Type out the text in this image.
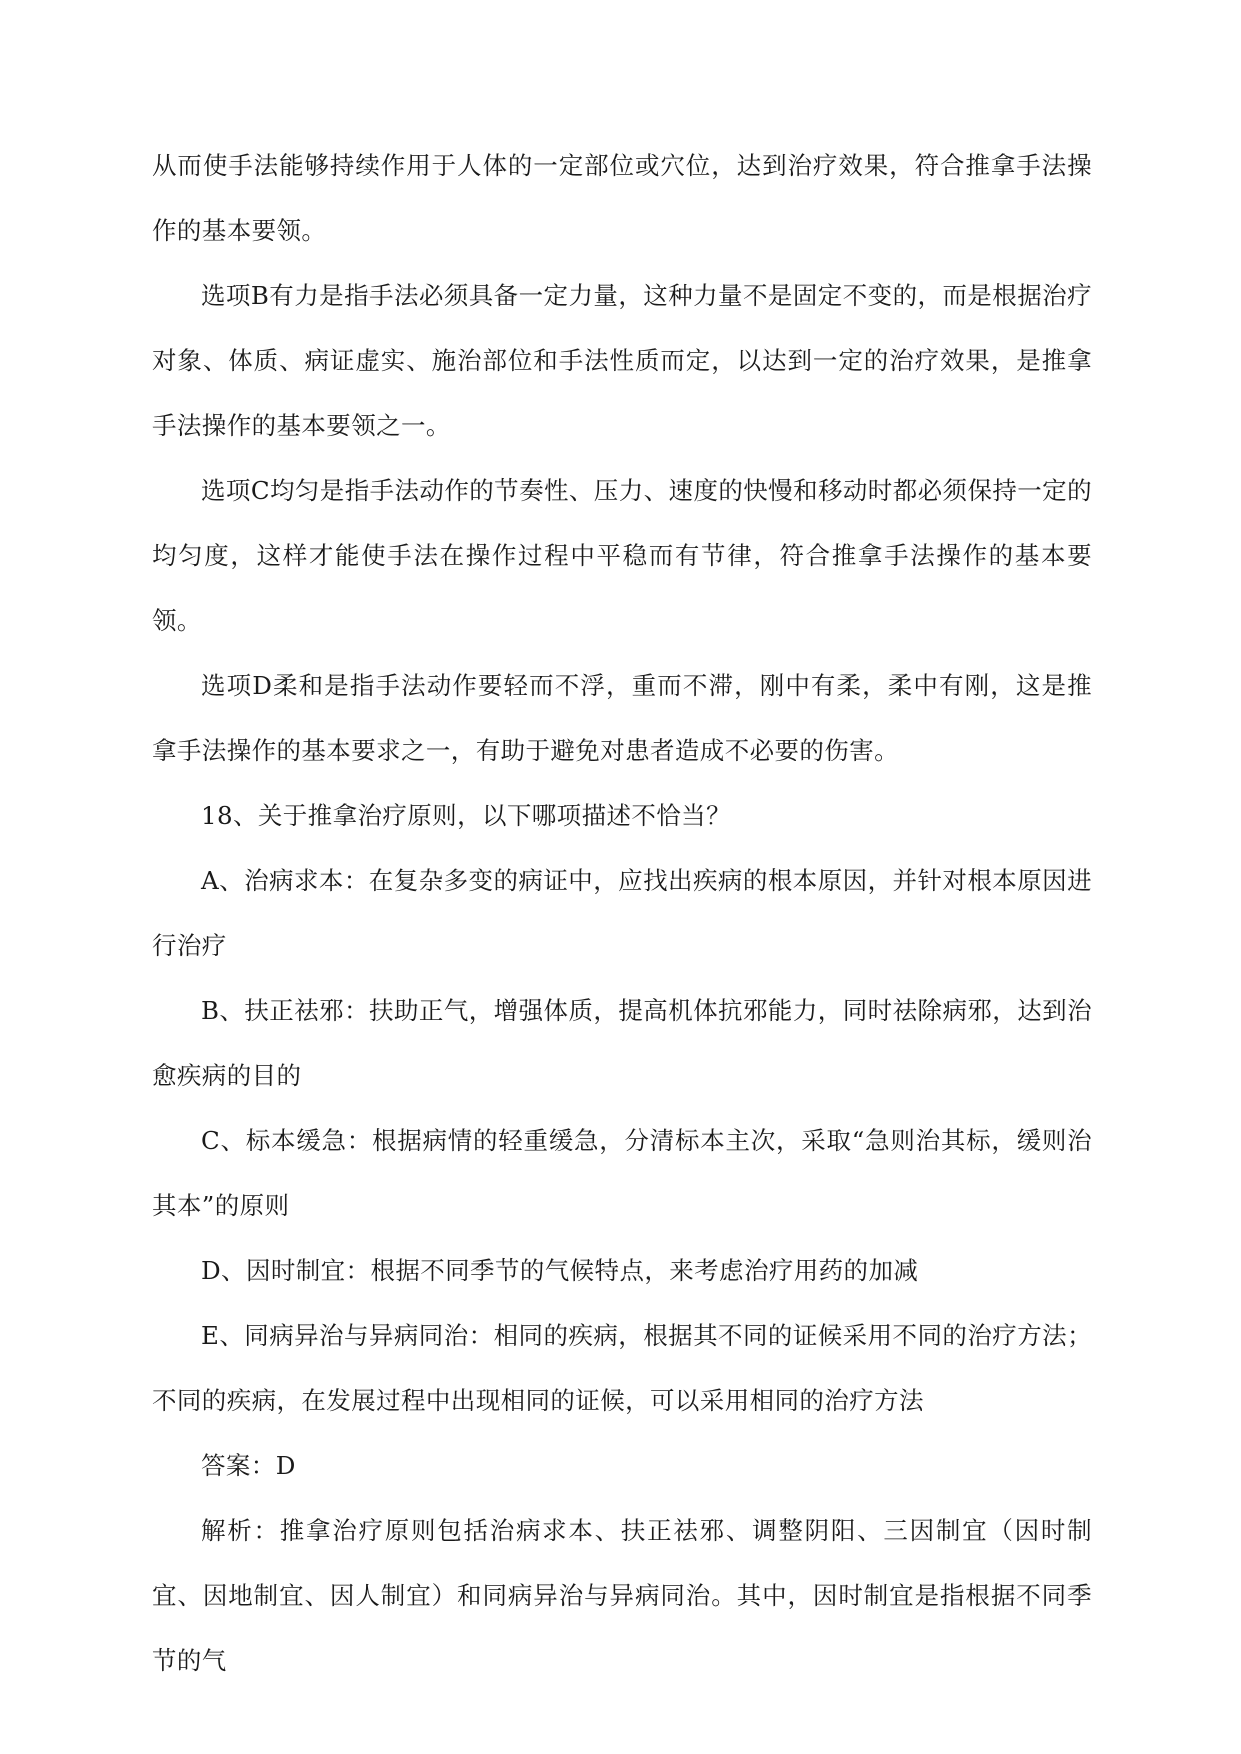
从而使手法能够持续作用于人体的一定部位或穴位，达到治疗效果，符合推拿手法操作的基本要领。

选项B有力是指手法必须具备一定力量，这种力量不是固定不变的，而是根据治疗对象、体质、病证虚实、施治部位和手法性质而定，以达到一定的治疗效果，是推拿手法操作的基本要领之一。

选项C均匀是指手法动作的节奏性、压力、速度的快慢和移动时都必须保持一定的均匀度，这样才能使手法在操作过程中平稳而有节律，符合推拿手法操作的基本要领。

选项D柔和是指手法动作要轻而不浮，重而不滞，刚中有柔，柔中有刚，这是推拿手法操作的基本要求之一，有助于避免对患者造成不必要的伤害。

18、关于推拿治疗原则，以下哪项描述不恰当？

A、治病求本：在复杂多变的病证中，应找出疾病的根本原因，并针对根本原因进行治疗

B、扶正祛邪：扶助正气，增强体质，提高机体抗邪能力，同时祛除病邪，达到治愈疾病的目的

C、标本缓急：根据病情的轻重缓急，分清标本主次，采取“急则治其标，缓则治其本”的原则

D、因时制宜：根据不同季节的气候特点，来考虑治疗用药的加减

E、同病异治与异病同治：相同的疾病，根据其不同的证候采用不同的治疗方法；不同的疾病，在发展过程中出现相同的证候，可以采用相同的治疗方法

答案：D

解析：推拿治疗原则包括治病求本、扶正祛邪、调整阴阳、三因制宜（因时制宜、因地制宜、因人制宜）和同病异治与异病同治。其中，因时制宜是指根据不同季节的气
